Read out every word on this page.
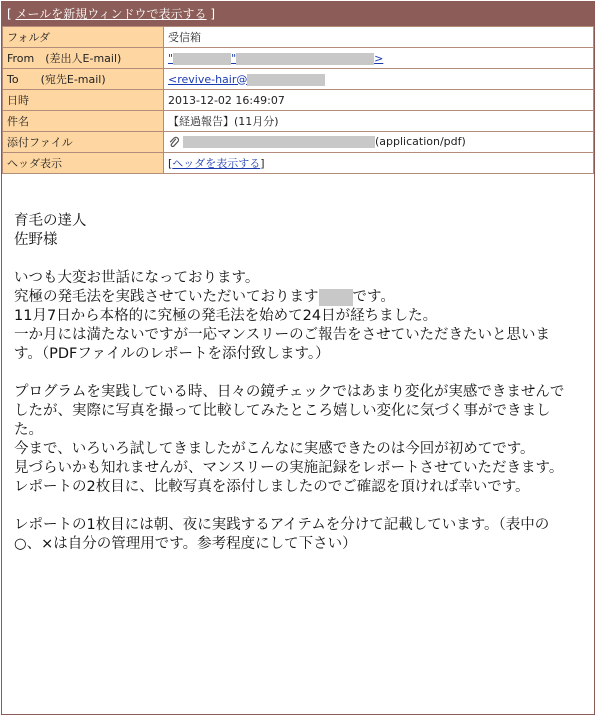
[ メールを新規ウィンドウで表示する ]
フォルダ	受信箱
From　(差出人E-mail)	" " >
To　　(宛先E-mail)	<revive-hair@
日時	2013-12-02 16:49:07
件名	【経過報告】(11月分)
添付ファイル	(application/pdf)
ヘッダ表示	[ヘッダを表示する]

育毛の達人

佐野様

いつも大変お世話になっております。

究極の発毛法を実践させていただいております です。

11月7日から本格的に究極の発毛法を始めて24日が経ちました。

一か月には満たないですが一応マンスリーのご報告をさせていただきたいと思いま

す。（PDFファイルのレポートを添付致します。）

プログラムを実践している時、日々の鏡チェックではあまり変化が実感できませんで

したが、実際に写真を撮って比較してみたところ嬉しい変化に気づく事ができまし

た。

今まで、いろいろ試してきましたがこんなに実感できたのは今回が初めてです。

見づらいかも知れませんが、マンスリーの実施記録をレポートさせていただきます。

レポートの2枚目に、比較写真を添付しましたのでご確認を頂ければ幸いです。

レポートの1枚目には朝、夜に実践するアイテムを分けて記載しています。（表中の

○、×は自分の管理用です。参考程度にして下さい）
